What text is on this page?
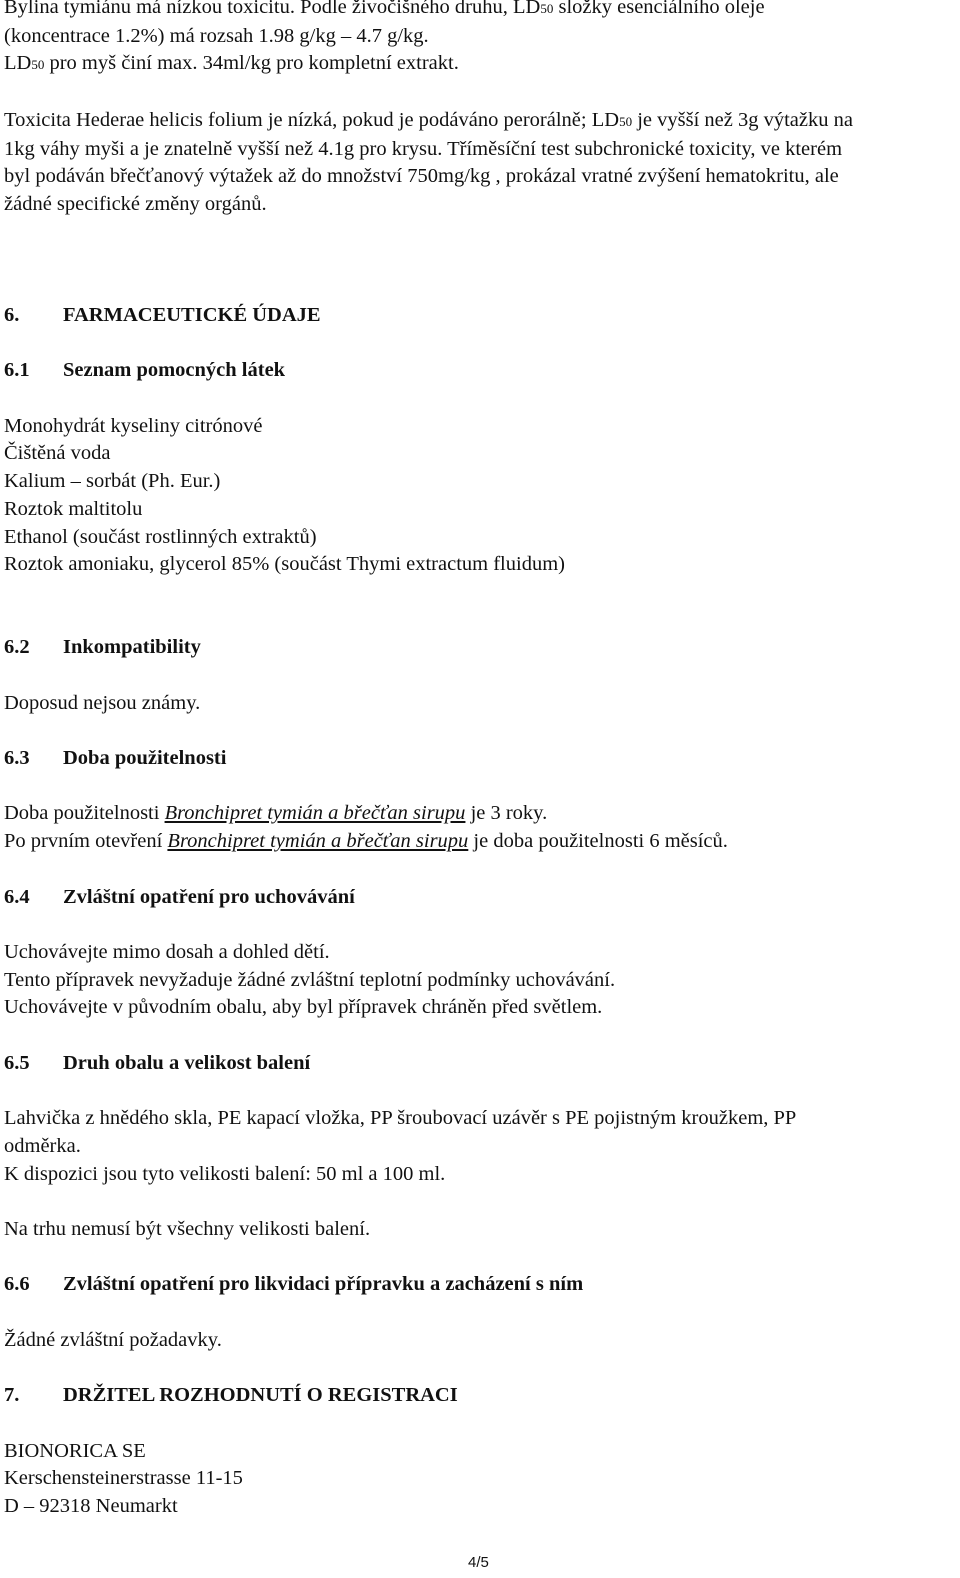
Bylina tymiánu má nízkou toxicitu. Podle živočišného druhu, LD50 složky esenciálního oleje
(koncentrace 1.2%) má rozsah 1.98 g/kg – 4.7 g/kg.
LD50 pro myš činí max. 34ml/kg pro kompletní extrakt.

Toxicita Hederae helicis folium je nízká, pokud je podáváno perorálně; LD50 je vyšší než 3g výtažku na
1kg váhy myši a je znatelně vyšší než 4.1g pro krysu. Tříměsíční test subchronické toxicity, ve kterém
byl podáván břečťanový výtažek až do množství 750mg/kg , prokázal vratné zvýšení hematokritu, ale
žádné specifické změny orgánů.

6.	FARMACEUTICKÉ ÚDAJE
6.1	Seznam pomocných látek

Monohydrát kyseliny citrónové
Čištěná voda
Kalium – sorbát (Ph. Eur.)
Roztok maltitolu
Ethanol (součást rostlinných extraktů)
Roztok amoniaku, glycerol 85% (součást Thymi extractum fluidum)

6.2	Inkompatibility

Doposud nejsou známy.

6.3	Doba použitelnosti

Doba použitelnosti Bronchipret tymián a břečťan sirupu je 3 roky.
Po prvním otevření Bronchipret tymián a břečťan sirupu je doba použitelnosti 6 měsíců.

6.4	Zvláštní opatření pro uchovávání

Uchovávejte mimo dosah a dohled dětí.
Tento přípravek nevyžaduje žádné zvláštní teplotní podmínky uchovávání.
Uchovávejte v původním obalu, aby byl přípravek chráněn před světlem.

6.5	Druh obalu a velikost balení

Lahvička z hnědého skla, PE kapací vložka, PP šroubovací uzávěr s PE pojistným kroužkem, PP
odměrka.
K dispozici jsou tyto velikosti balení: 50 ml a 100 ml.

Na trhu nemusí být všechny velikosti balení.

6.6	Zvláštní opatření pro likvidaci přípravku a zacházení s ním

Žádné zvláštní požadavky.

7.	DRŽITEL ROZHODNUTÍ O REGISTRACI

BIONORICA SE
Kerschensteinerstrasse 11-15
D – 92318 Neumarkt

4/5
